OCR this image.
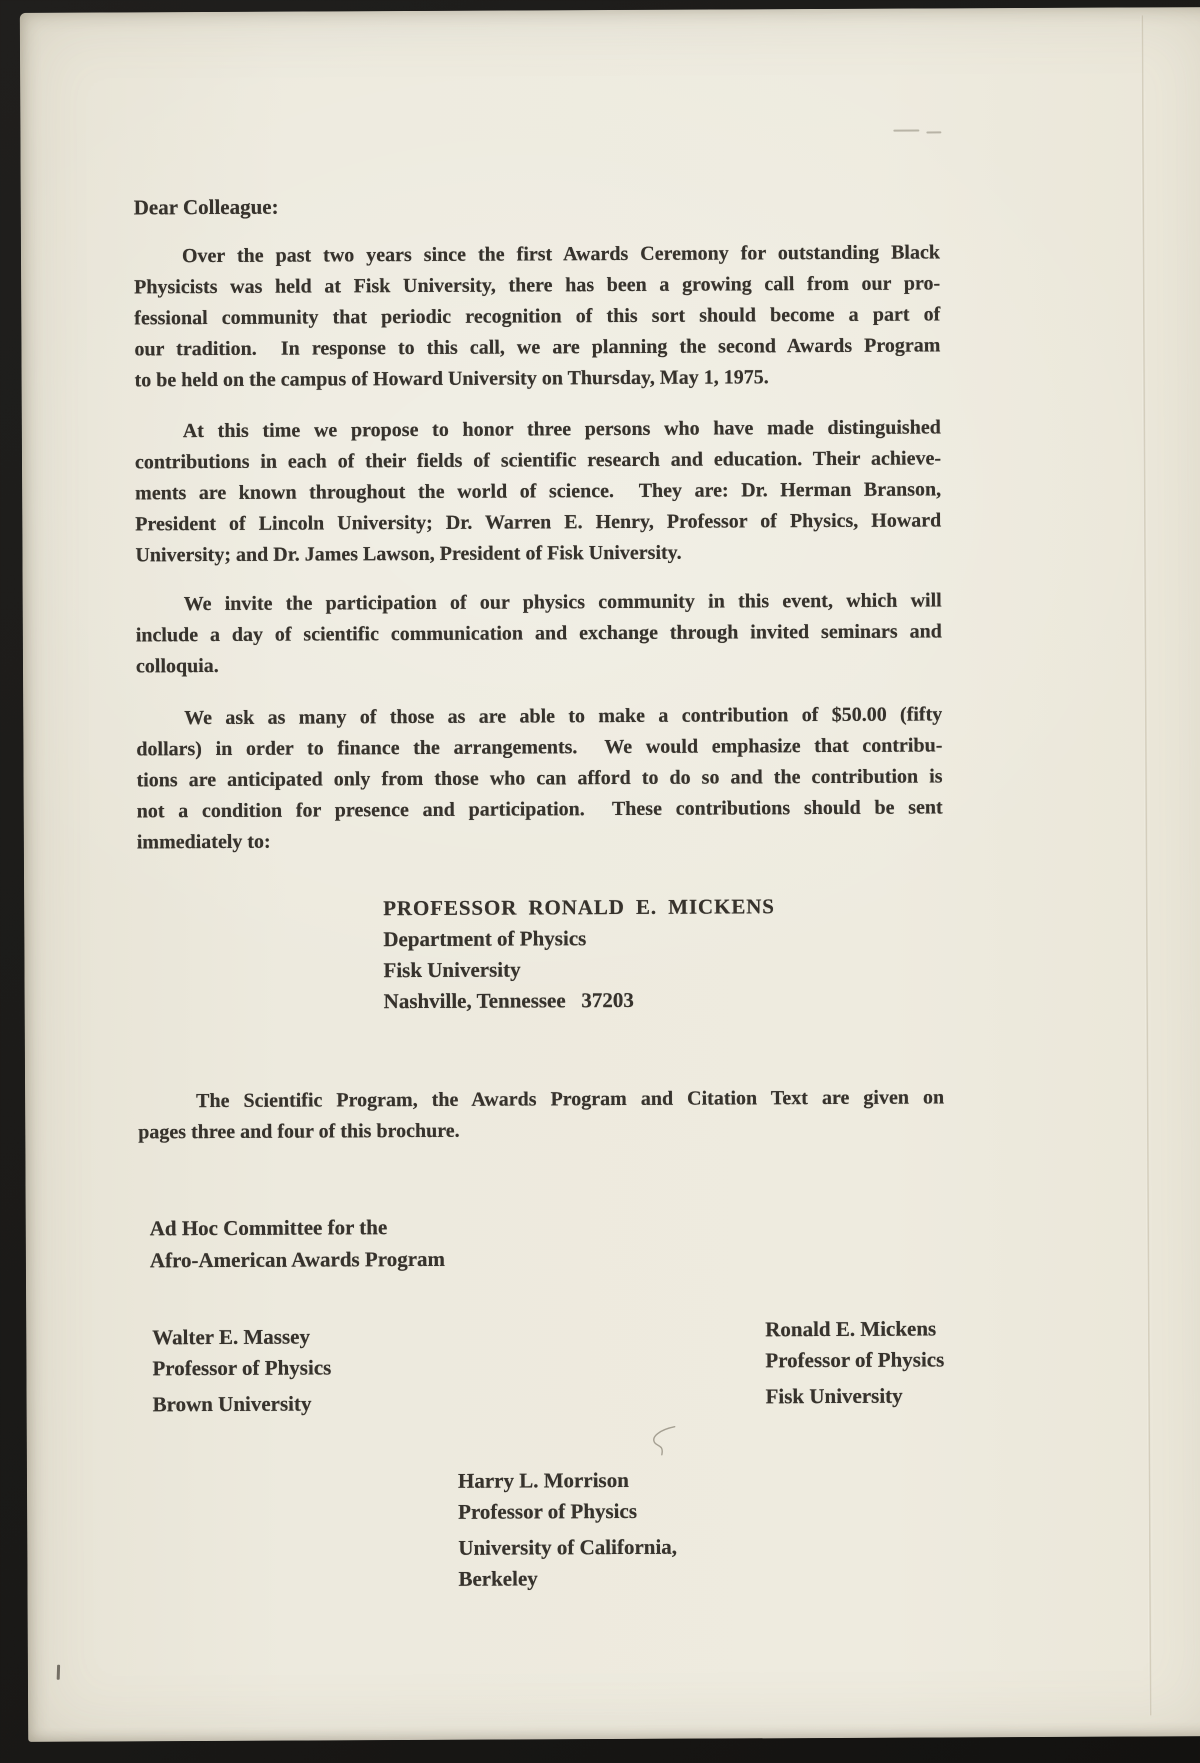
Dear Colleague:
Over the past two years since the first Awards Ceremony for outstanding Black
Physicists was held at Fisk University, there has been a growing call from our pro-
fessional community that periodic recognition of this sort should become a part of
our tradition.  In response to this call, we are planning the second Awards Program
to be held on the campus of Howard University on Thursday, May 1, 1975.
At this time we propose to honor three persons who have made distinguished
contributions in each of their fields of scientific research and education. Their achieve-
ments are known throughout the world of science.  They are: Dr. Herman Branson,
President of Lincoln University; Dr. Warren E. Henry, Professor of Physics, Howard
University; and Dr. James Lawson, President of Fisk University.
We invite the participation of our physics community in this event, which will
include a day of scientific communication and exchange through invited seminars and
colloquia.
We ask as many of those as are able to make a contribution of $50.00 (fifty
dollars) in order to finance the arrangements.  We would emphasize that contribu-
tions are anticipated only from those who can afford to do so and the contribution is
not a condition for presence and participation.  These contributions should be sent
immediately to:
PROFESSOR RONALD E. MICKENS
Department of Physics
Fisk University
Nashville, Tennessee   37203
The Scientific Program, the Awards Program and Citation Text are given on
pages three and four of this brochure.
Ad Hoc Committee for the
Afro-American Awards Program
Walter E. Massey
Professor of Physics
Brown University
Ronald E. Mickens
Professor of Physics
Fisk University
Harry L. Morrison
Professor of Physics
University of California,
Berkeley
